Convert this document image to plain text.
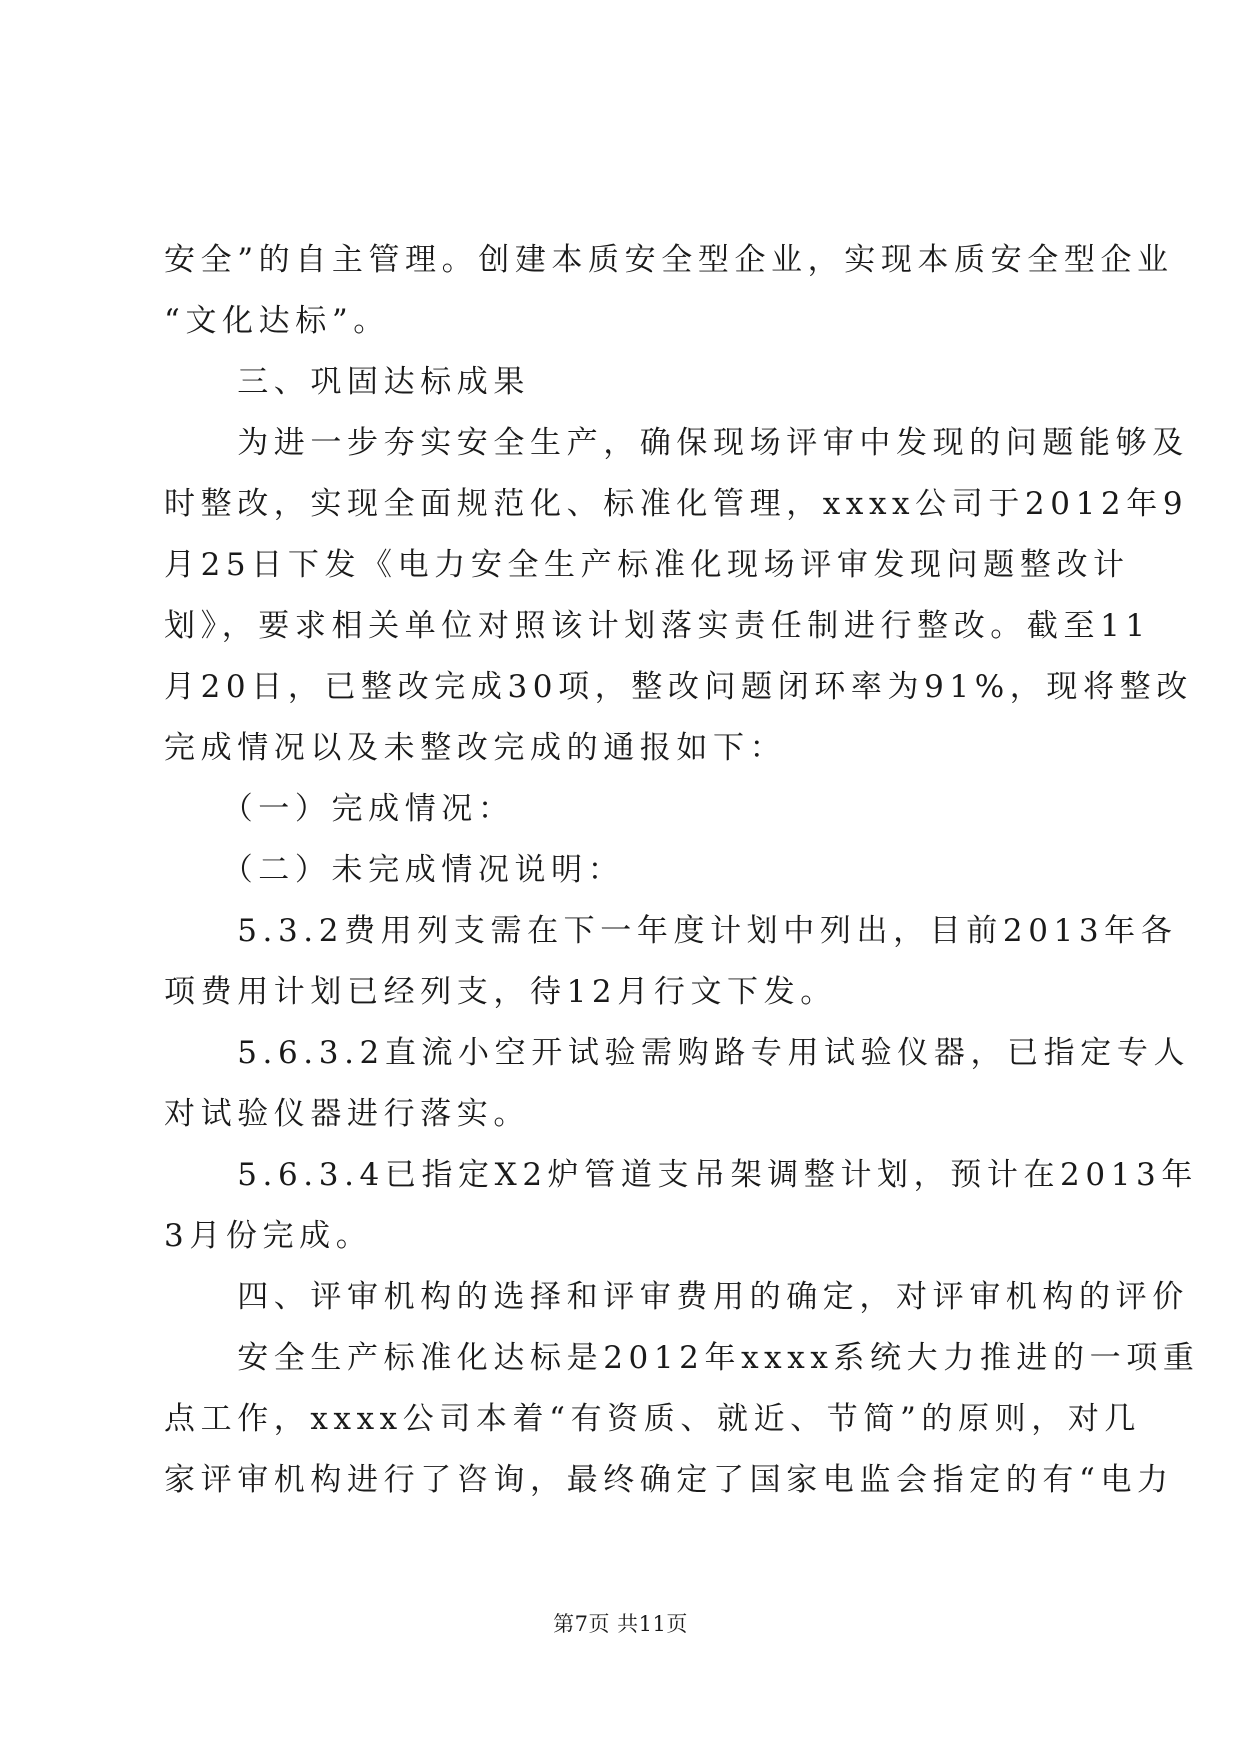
安全”的自主管理。创建本质安全型企业，实现本质安全型企业
“文化达标”。
　　三、巩固达标成果
　　为进一步夯实安全生产，确保现场评审中发现的问题能够及
时整改，实现全面规范化、标准化管理，xxxx公司于2012年9
月25日下发《电力安全生产标准化现场评审发现问题整改计
划》，要求相关单位对照该计划落实责任制进行整改。截至11
月20日，已整改完成30项，整改问题闭环率为91%，现将整改
完成情况以及未整改完成的通报如下：
　　（一）完成情况：
　　（二）未完成情况说明：
　　5.3.2费用列支需在下一年度计划中列出，目前2013年各
项费用计划已经列支，待12月行文下发。
　　5.6.3.2直流小空开试验需购路专用试验仪器，已指定专人
对试验仪器进行落实。
　　5.6.3.4已指定X2炉管道支吊架调整计划，预计在2013年
3月份完成。
　　四、评审机构的选择和评审费用的确定，对评审机构的评价
　　安全生产标准化达标是2012年xxxx系统大力推进的一项重
点工作，xxxx公司本着“有资质、就近、节简”的原则，对几
家评审机构进行了咨询，最终确定了国家电监会指定的有“电力
第7页 共11页
